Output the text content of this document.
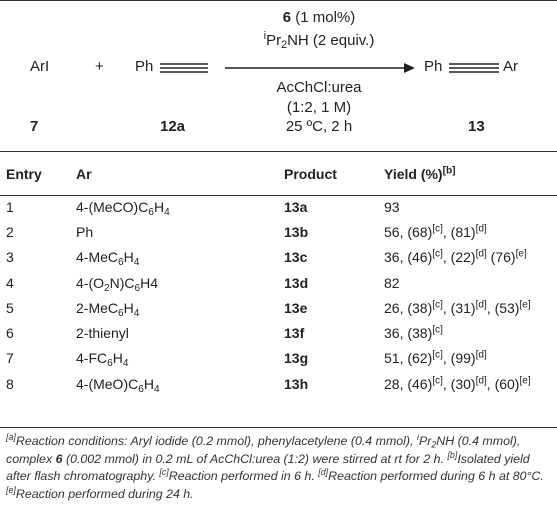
ArI
7
+ Ph
12a
6 (1 mol%)
$^iPr_2NH$ (2 equiv.)
AcChCl:urea
(1:2, 1 M)
25 ºC, 2 h
Ph	Ar
13
Entry	Ar	Product	Yield (%)[b]
1	$4-(MeCO)C_6H_4$	13a	93
2	Ph	13b	56, (68)[c], (81)[d]
3	$4-MeC_6H_4$	13c	36, (46)[c], (22)[d] (76)[e]
4	$4-(O_2N)C_6H4$	13d	82
5	$2-MeC_6H_4$	13e	26, (38)[c], (31)[d], (53)[e]
6	2-thienyl	13f	36, (38)[c]
7	$4-FC_6H_4$	13g	51, (62)[c], (99)[d]
8	$4-(MeO)C_6H_4$	13h	28, (46)[c], (30)[d], (60)[e]
[a]Reaction conditions: Aryl iodide (0.2 mmol), phenylacetylene (0.4 mmol), $^iPr_2NH$ (0.4 mmol), complex 6 (0.002 mmol) in 0.2 mL of AcChCl:urea (1:2) were stirred at rt for 2 h. [b]Isolated yield after flash chromatography. [c]Reaction performed in 6 h. [d]Reaction performed during 6 h at 80°C. [e]Reaction performed during 24 h.
